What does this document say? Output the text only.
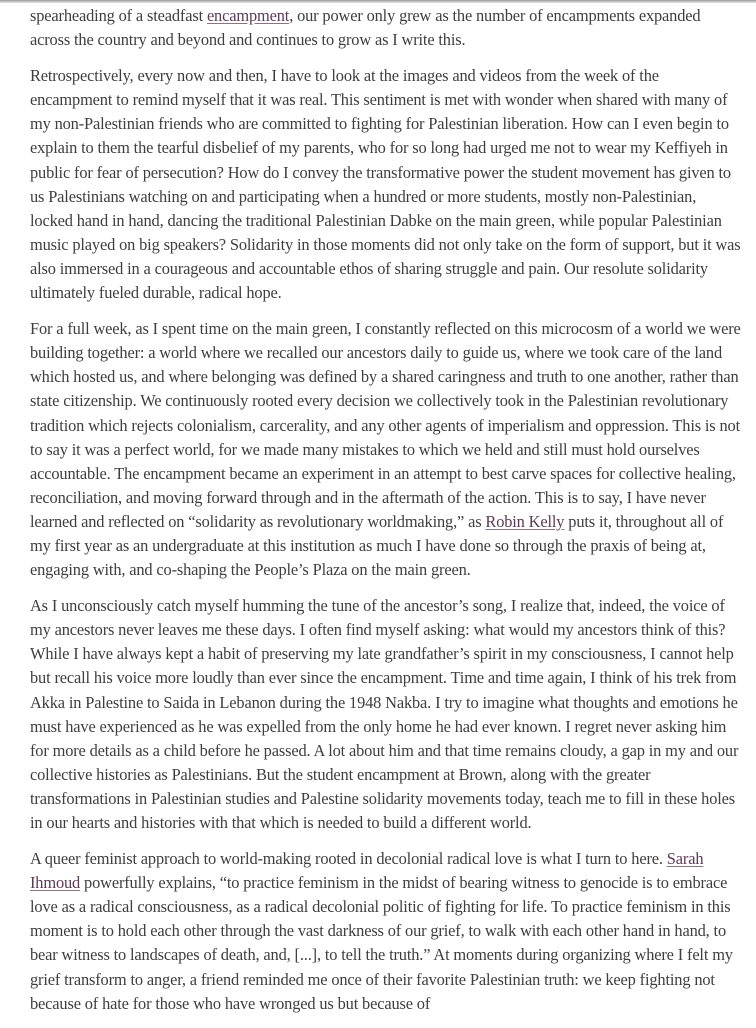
spearheading of a steadfast encampment, our power only grew as the number of encampments expanded across the country and beyond and continues to grow as I write this.

Retrospectively, every now and then, I have to look at the images and videos from the week of the encampment to remind myself that it was real. This sentiment is met with wonder when shared with many of my non-Palestinian friends who are committed to fighting for Palestinian liberation. How can I even begin to explain to them the tearful disbelief of my parents, who for so long had urged me not to wear my Keffiyeh in public for fear of persecution? How do I convey the transformative power the student movement has given to us Palestinians watching on and participating when a hundred or more students, mostly non-Palestinian, locked hand in hand, dancing the traditional Palestinian Dabke on the main green, while popular Palestinian music played on big speakers? Solidarity in those moments did not only take on the form of support, but it was also immersed in a courageous and accountable ethos of sharing struggle and pain. Our resolute solidarity ultimately fueled durable, radical hope.

For a full week, as I spent time on the main green, I constantly reflected on this microcosm of a world we were building together: a world where we recalled our ancestors daily to guide us, where we took care of the land which hosted us, and where belonging was defined by a shared caringness and truth to one another, rather than state citizenship. We continuously rooted every decision we collectively took in the Palestinian revolutionary tradition which rejects colonialism, carcerality, and any other agents of imperialism and oppression. This is not to say it was a perfect world, for we made many mistakes to which we held and still must hold ourselves accountable. The encampment became an experiment in an attempt to best carve spaces for collective healing, reconciliation, and moving forward through and in the aftermath of the action. This is to say, I have never learned and reflected on “solidarity as revolutionary worldmaking,” as Robin Kelly puts it, throughout all of my first year as an undergraduate at this institution as much I have done so through the praxis of being at, engaging with, and co-shaping the People’s Plaza on the main green.

As I unconsciously catch myself humming the tune of the ancestor’s song, I realize that, indeed, the voice of my ancestors never leaves me these days. I often find myself asking: what would my ancestors think of this? While I have always kept a habit of preserving my late grandfather’s spirit in my consciousness, I cannot help but recall his voice more loudly than ever since the encampment. Time and time again, I think of his trek from Akka in Palestine to Saida in Lebanon during the 1948 Nakba. I try to imagine what thoughts and emotions he must have experienced as he was expelled from the only home he had ever known. I regret never asking him for more details as a child before he passed. A lot about him and that time remains cloudy, a gap in my and our collective histories as Palestinians. But the student encampment at Brown, along with the greater transformations in Palestinian studies and Palestine solidarity movements today, teach me to fill in these holes in our hearts and histories with that which is needed to build a different world.

A queer feminist approach to world-making rooted in decolonial radical love is what I turn to here. Sarah Ihmoud powerfully explains, “to practice feminism in the midst of bearing witness to genocide is to embrace love as a radical consciousness, as a radical decolonial politic of fighting for life. To practice feminism in this moment is to hold each other through the vast darkness of our grief, to walk with each other hand in hand, to bear witness to landscapes of death, and, [...], to tell the truth.” At moments during organizing where I felt my grief transform to anger, a friend reminded me once of their favorite Palestinian truth: we keep fighting not because of hate for those who have wronged us but because of
